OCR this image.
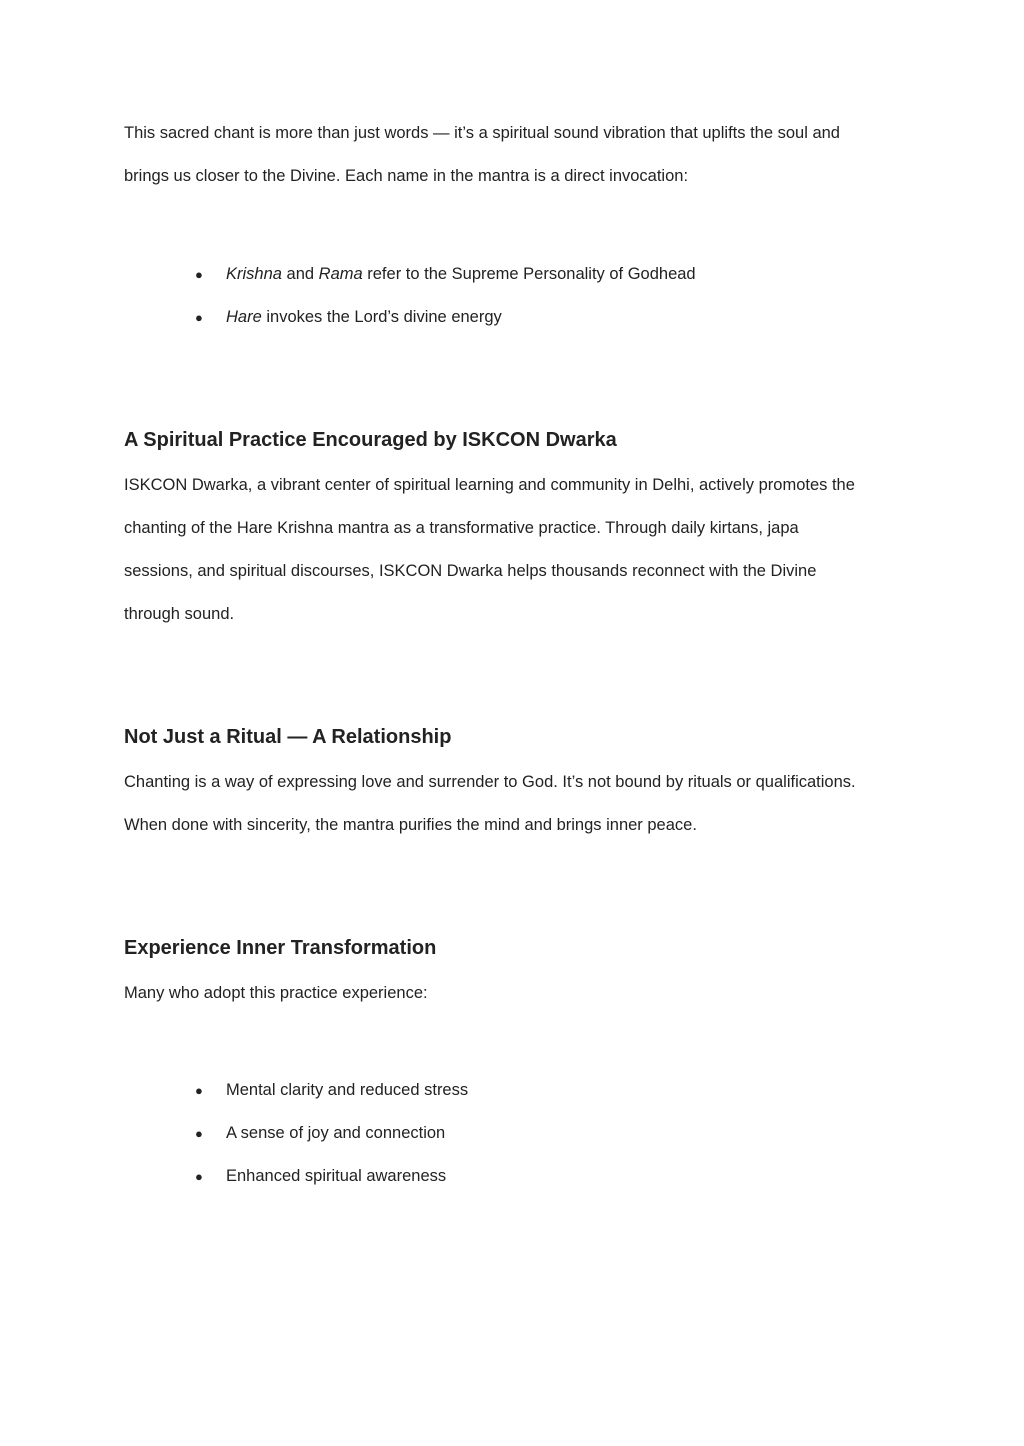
This sacred chant is more than just words — it’s a spiritual sound vibration that uplifts the soul and
brings us closer to the Divine. Each name in the mantra is a direct invocation:

● Krishna and Rama refer to the Supreme Personality of Godhead
● Hare invokes the Lord’s divine energy
A Spiritual Practice Encouraged by ISKCON Dwarka

ISKCON Dwarka, a vibrant center of spiritual learning and community in Delhi, actively promotes the
chanting of the Hare Krishna mantra as a transformative practice. Through daily kirtans, japa
sessions, and spiritual discourses, ISKCON Dwarka helps thousands reconnect with the Divine
through sound.

Not Just a Ritual — A Relationship

Chanting is a way of expressing love and surrender to God. It’s not bound by rituals or qualifications.
When done with sincerity, the mantra purifies the mind and brings inner peace.

Experience Inner Transformation

Many who adopt this practice experience:

● Mental clarity and reduced stress
● A sense of joy and connection
● Enhanced spiritual awareness
